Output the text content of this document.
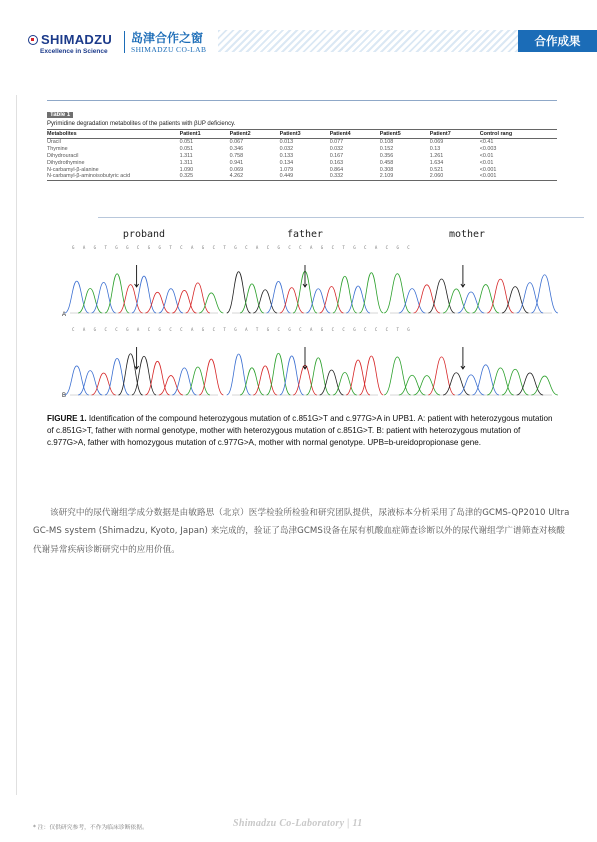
SHIMADZU
Excellence in Science
岛津合作之窗
SHIMADZU CO-LAB
合作成果
Table 1
Pyrimidine degradation metabolites of the patients with βUP deficiency.
Metabolites	Patient1	Patient2	Patient3	Patient4	Patient5	Patient7	Control rang
Uracil	0.051	0.067	0.013	0.077	0.108	0.069	<0.41
Thymine	0.051	0.346	0.032	0.032	0.152	0.13	<0.003
Dihydrouracil	1.311	0.758	0.133	0.167	0.356	1.261	<0.01
Dihydrothymine	1.311	0.941	0.134	0.163	0.458	1.634	<0.01
N-carbamyl-β-alanine	1.090	0.069	1.079	0.864	0.308	0.521	<0.001
N-carbamyl-β-aminoisobutyric acid	0.325	4.262	0.449	0.332	2.109	2.060	<0.001
proband	father	mother
A
B
G A G T G G C G G T C A G C T G C A C G C C A G C T G C A C G C
C A G C C G A C G C C A G C T G A T G C G C A G C C G C C C T G
FIGURE 1. Identification of the compound heterozygous mutation of c.851G>T and c.977G>A in UPB1. A: patient with heterozygous mutation of c.851G>T, father with normal genotype, mother with heterozygous mutation of c.851G>T. B: patient with heterozygous mutation of c.977G>A, father with homozygous mutation of c.977G>A, mother with normal genotype. UPB=b-ureidopropionase gene.
该研究中的尿代谢组学成分数据是由敏路思（北京）医学检验所检验和研究团队提供，尿液标本分析采用了岛津的GCMS-QP2010 Ultra GC-MS system (Shimadzu, Kyoto, Japan) 来完成的，验证了岛津GCMS设备在尿有机酸血症筛查诊断以外的尿代谢组学广谱筛查对核酸代谢异常疾病诊断研究中的应用价值。
* 注：仅供研究参考，不作为临床诊断依据。	Shimadzu Co-Laboratory | 11
